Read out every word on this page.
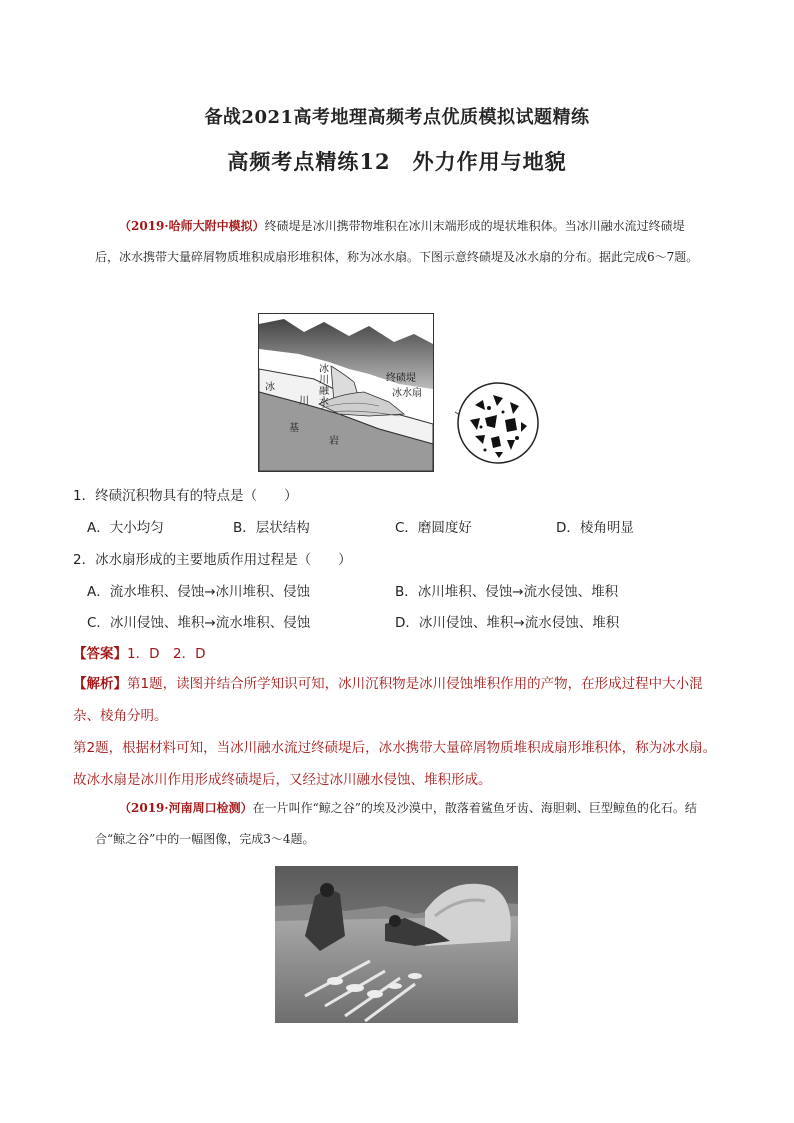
备战2021高考地理高频考点优质模拟试题精练
高频考点精练12　外力作用与地貌
（2019·哈师大附中模拟）终碛堤是冰川携带物堆积在冰川末端形成的堤状堆积体。当冰川融水流过终碛堤后，冰水携带大量碎屑物质堆积成扇形堆积体，称为冰水扇。下图示意终碛堤及冰水扇的分布。据此完成6～7题。
终碛堤
冰水扇
冰川融水
冰
川
基
岩
1．终碛沉积物具有的特点是（　　）
A．大小均匀	B．层状结构	C．磨圆度好	D．棱角明显
2．冰水扇形成的主要地质作用过程是（　　）
A．流水堆积、侵蚀→冰川堆积、侵蚀	B．冰川堆积、侵蚀→流水侵蚀、堆积
C．冰川侵蚀、堆积→流水堆积、侵蚀	D．冰川侵蚀、堆积→流水侵蚀、堆积
【答案】1．D　2．D
【解析】第1题，读图并结合所学知识可知，冰川沉积物是冰川侵蚀堆积作用的产物，在形成过程中大小混杂、棱角分明。
第2题，根据材料可知，当冰川融水流过终碛堤后，冰水携带大量碎屑物质堆积成扇形堆积体，称为冰水扇。故冰水扇是冰川作用形成终碛堤后，又经过冰川融水侵蚀、堆积形成。
（2019·河南周口检测）在一片叫作“鲸之谷”的埃及沙漠中，散落着鲨鱼牙齿、海胆刺、巨型鲸鱼的化石。结合“鲸之谷”中的一幅图像，完成3～4题。
